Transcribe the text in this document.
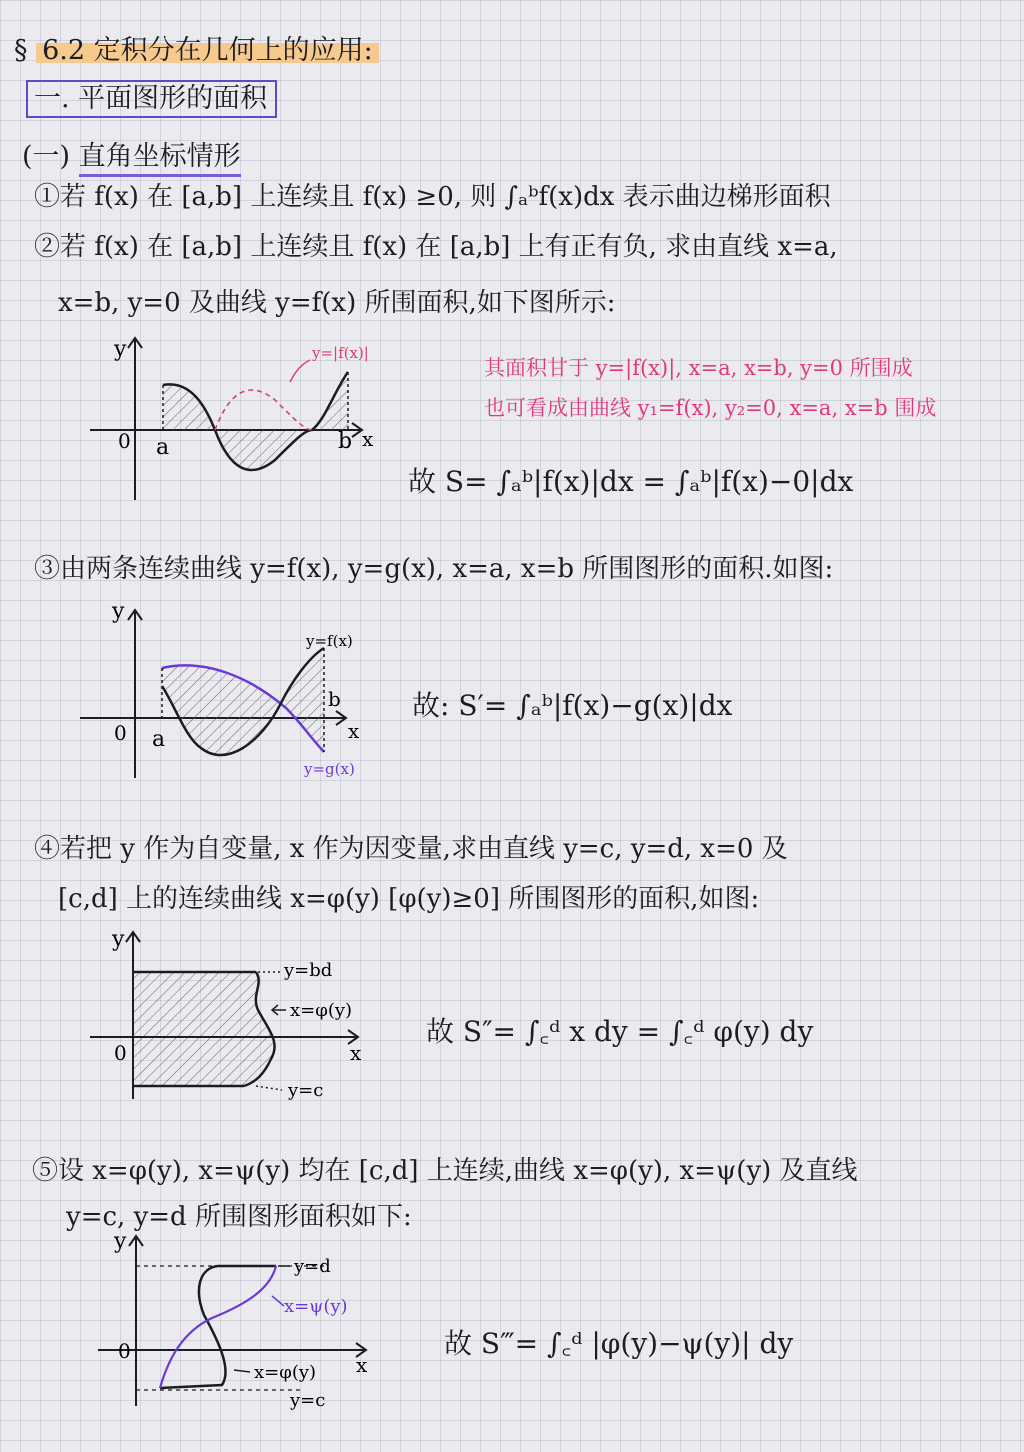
§ 6.2 定积分在几何上的应用:
一. 平面图形的面积
(一) 直角坐标情形
①若 f(x) 在 [a,b] 上连续且 f(x) ≥0, 则 ∫ₐᵇf(x)dx 表示曲边梯形面积
②若 f(x) 在 [a,b] 上连续且 f(x) 在 [a,b] 上有正有负, 求由直线 x=a,
x=b, y=0 及曲线 y=f(x) 所围面积,如下图所示:
y
x
0 a	b
y=|f(x)|
其面积甘于 y=|f(x)|, x=a, x=b, y=0 所围成
也可看成由曲线 y₁=f(x), y₂=0, x=a, x=b 围成
故 S= ∫ₐᵇ|f(x)|dx = ∫ₐᵇ|f(x)−0|dx
③由两条连续曲线 y=f(x), y=g(x), x=a, x=b 所围图形的面积.如图:
y
x
0 a
b
y=f(x)
y=g(x)
故: S′= ∫ₐᵇ|f(x)−g(x)|dx
④若把 y 作为自变量, x 作为因变量,求由直线 y=c, y=d, x=0 及
[c,d] 上的连续曲线 x=φ(y) [φ(y)≥0] 所围图形的面积,如图:
y
x
0
y=bd
x=φ(y)
y=c
故 S″= ∫꜀ᵈ x dy = ∫꜀ᵈ φ(y) dy
⑤设 x=φ(y), x=ψ(y) 均在 [c,d] 上连续,曲线 x=φ(y), x=ψ(y) 及直线
y=c, y=d 所围图形面积如下:
y
x
0
y=d
x=ψ(y)
x=φ(y)
y=c
故 S‴= ∫꜀ᵈ |φ(y)−ψ(y)| dy
